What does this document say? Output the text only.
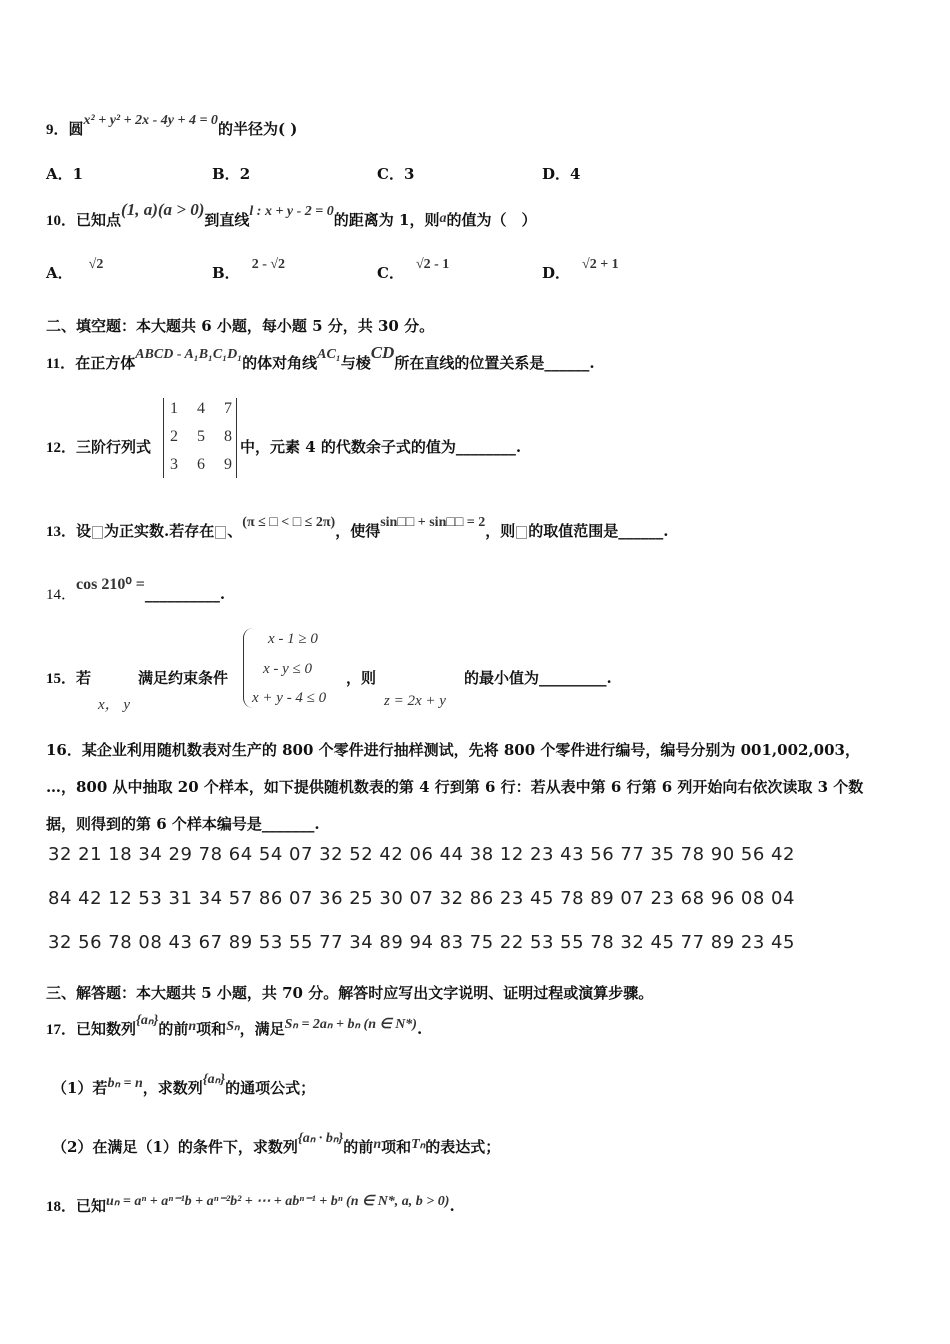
9．圆x² + y² + 2x - 4y + 4 = 0的半径为( )
A．1	B．2	C．3	D．4
10．已知点(1, a)(a > 0)到直线l : x + y - 2 = 0的距离为 1，则a的值为（　）
A． √2	B． 2 - √2	C． √2 - 1	D． √2 + 1
二、填空题：本大题共 6 小题，每小题 5 分，共 30 分。
11．在正方体ABCD - A₁B₁C₁D₁的体对角线AC₁与棱CD所在直线的位置关系是______.
12．三阶行列式
1 4 7
2 5 8
3 6 9
中，元素 4 的代数余子式的值为________.
13．设 为正实数.若存在 、(π ≤ □ < □ ≤ 2π)，使得sin□□ + sin□□ = 2，则 的取值范围是______.
14．cos 210⁰ =__________.
15．若
x， y
满足约束条件
x - 1 ≥ 0
x - y ≤ 0
x + y - 4 ≤ 0
，则
z = 2x + y
的最小值为_________.
16．某企业利用随机数表对生产的 800 个零件进行抽样测试，先将 800 个零件进行编号，编号分别为 001,002,003，
…，800 从中抽取 20 个样本，如下提供随机数表的第 4 行到第 6 行：若从表中第 6 行第 6 列开始向右依次读取 3 个数
据，则得到的第 6 个样本编号是_______.
32 21 18 34 29 78 64 54 07 32 52 42 06 44 38 12 23 43 56 77 35 78 90 56 42
84 42 12 53 31 34 57 86 07 36 25 30 07 32 86 23 45 78 89 07 23 68 96 08 04
32 56 78 08 43 67 89 53 55 77 34 89 94 83 75 22 53 55 78 32 45 77 89 23 45
三、解答题：本大题共 5 小题，共 70 分。解答时应写出文字说明、证明过程或演算步骤。
17．已知数列{aₙ}的前n项和Sₙ，满足Sₙ = 2aₙ + bₙ (n ∈ N*).
（1）若bₙ = n，求数列{aₙ}的通项公式；
（2）在满足（1）的条件下，求数列{aₙ · bₙ}的前n项和Tₙ的表达式；
18．已知uₙ = aⁿ + aⁿ⁻¹b + aⁿ⁻²b² + ⋯ + abⁿ⁻¹ + bⁿ (n ∈ N*, a, b > 0).
